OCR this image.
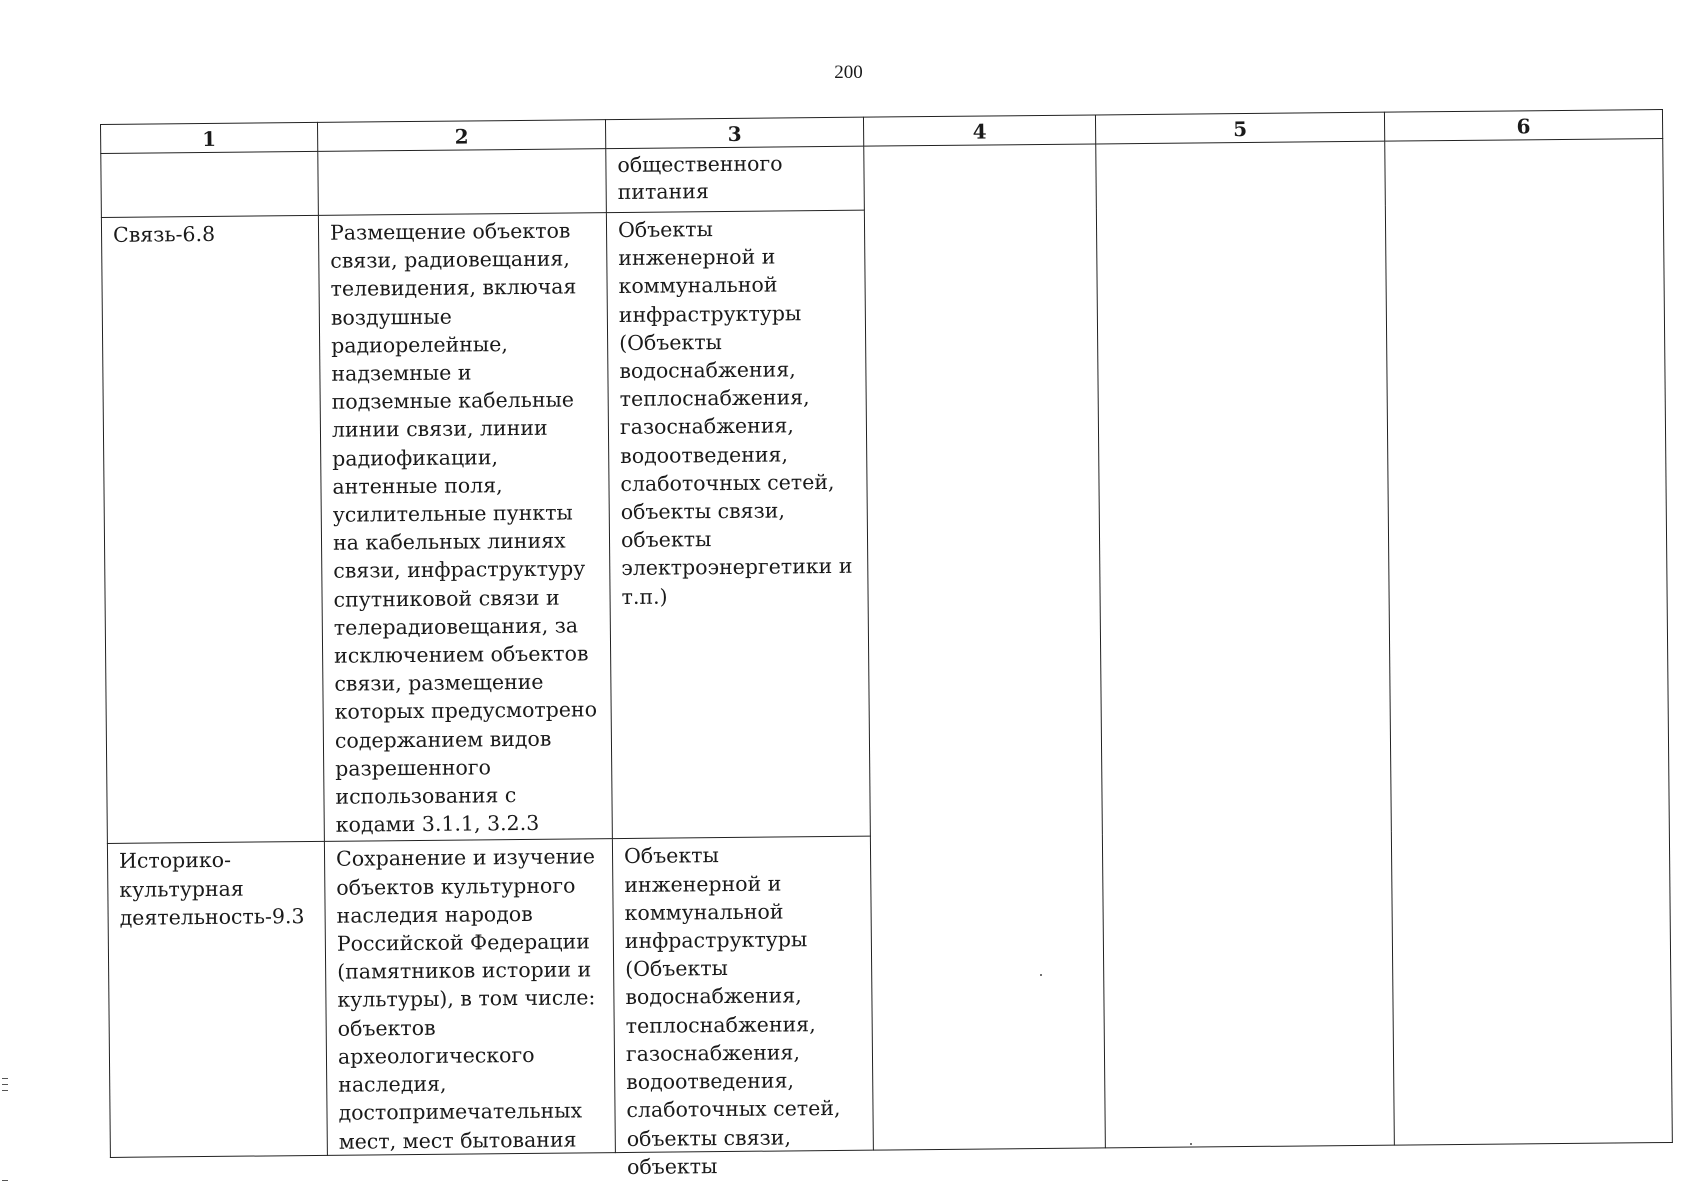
200
1	2	3	4	5	6
		общественного питания			
Связь-6.8	Размещение объектов связи, радиовещания, телевидения, включая воздушные радиорелейные, надземные и подземные кабельные линии связи, линии радиофикации, антенные поля, усилительные пункты на кабельных линиях связи, инфраструктуру спутниковой связи и телерадиовещания, за исключением объектов связи, размещение которых предусмотрено содержанием видов разрешенного использования с кодами 3.1.1, 3.2.3	Объекты инженерной и коммунальной инфраструктуры (Объекты водоснабжения, теплоснабжения, газоснабжения, водоотведения, слаботочных сетей, объекты связи, объекты электроэнергетики и т.п.)			

Историко-культурная деятельность-9.3	Сохранение и изучение объектов культурного наследия народов Российской Федерации (памятников истории и культуры), в том числе: объектов археологического наследия, достопримечательных мест, мест бытования	Объекты инженерной и коммунальной инфраструктуры (Объекты водоснабжения, теплоснабжения, газоснабжения, водоотведения, слаботочных сетей, объекты связи, объекты			
